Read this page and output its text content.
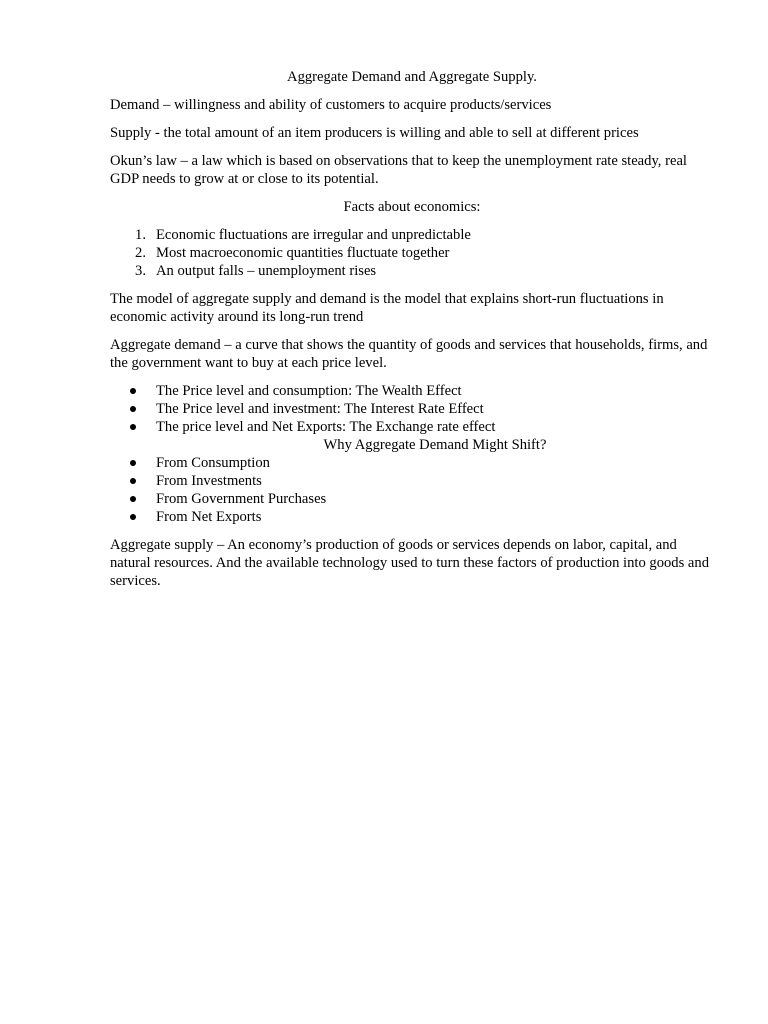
Aggregate Demand and Aggregate Supply.

Demand – willingness and ability of customers to acquire products/services

Supply - the total amount of an item producers is willing and able to sell at different prices

Okun’s law – a law which is based on observations that to keep the unemployment rate steady, real GDP needs to grow at or close to its potential.

Facts about economics:

1. Economic fluctuations are irregular and unpredictable
2. Most macroeconomic quantities fluctuate together
3. An output falls – unemployment rises

The model of aggregate supply and demand is the model that explains short-run fluctuations in economic activity around its long-run trend

Aggregate demand – a curve that shows the quantity of goods and services that households, firms, and the government want to buy at each price level.

The Price level and consumption: The Wealth Effect
The Price level and investment: The Interest Rate Effect
The price level and Net Exports: The Exchange rate effect

Why Aggregate Demand Might Shift?

From Consumption
From Investments
From Government Purchases
From Net Exports

Aggregate supply – An economy’s production of goods or services depends on labor, capital, and natural resources. And the available technology used to turn these factors of production into goods and services.
